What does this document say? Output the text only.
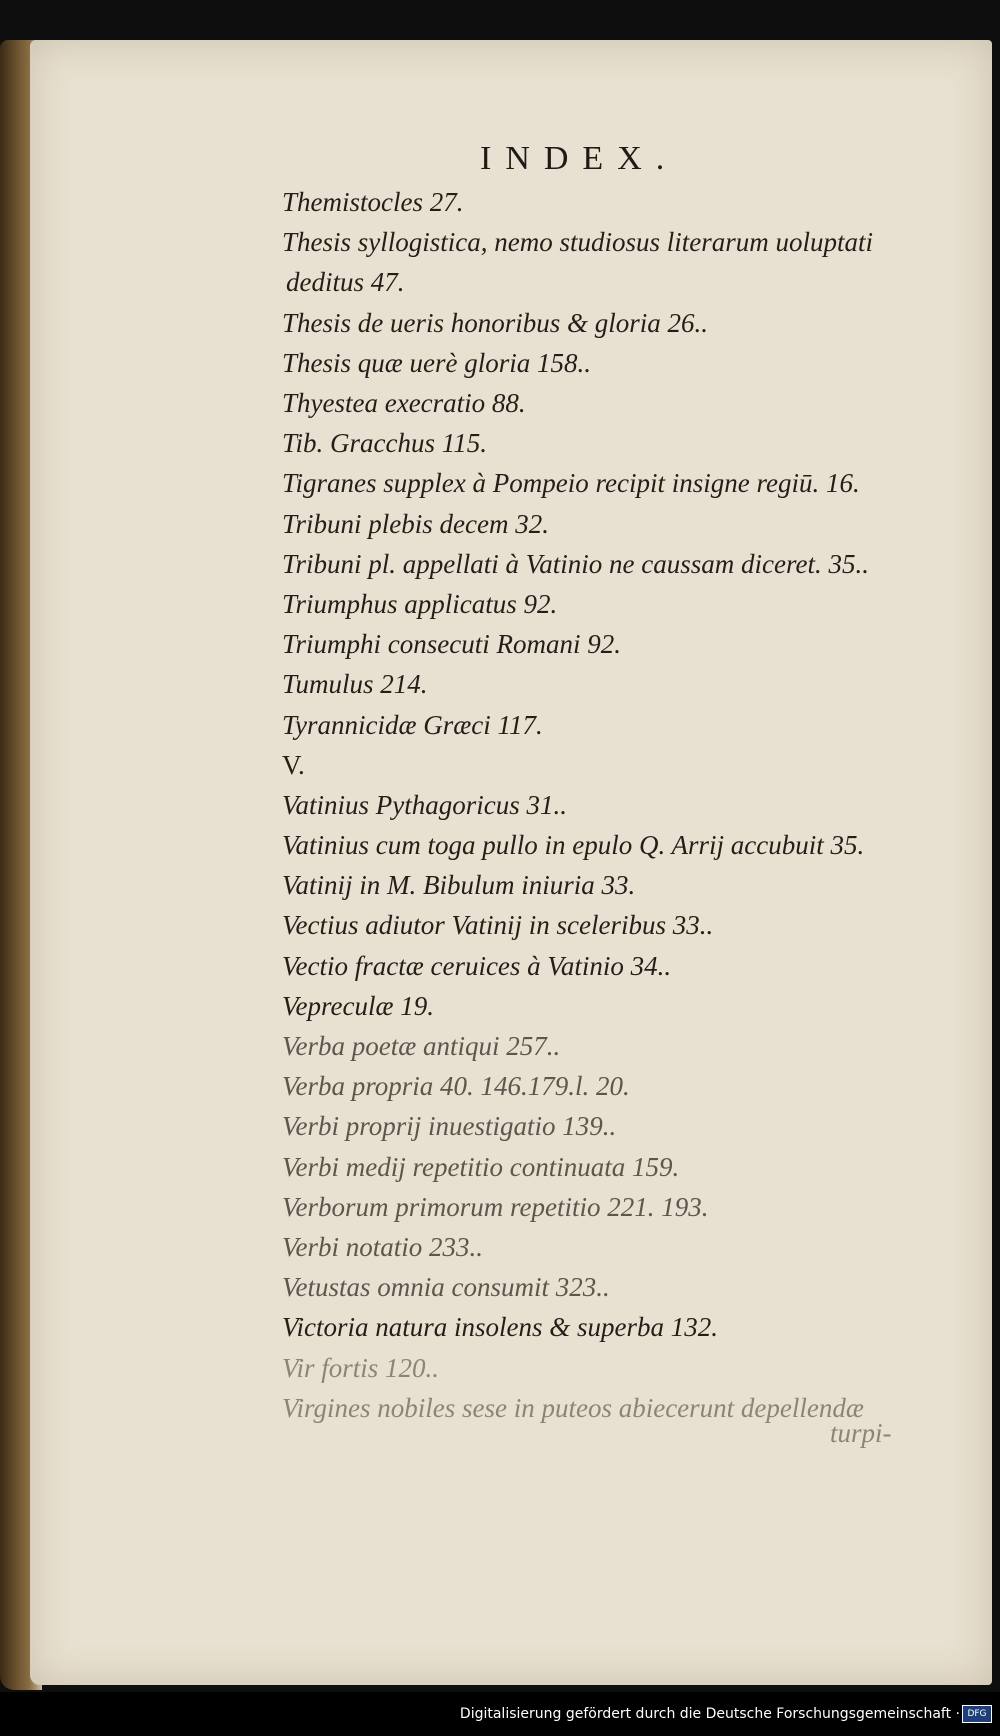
INDEX.
Themistocles 27.
Thesis syllogistica, nemo studiosus literarum uoluptati
deditus 47.
Thesis de ueris honoribus & gloria 26..
Thesis quæ uerè gloria 158..
Thyestea execratio 88.
Tib. Gracchus 115.
Tigranes supplex à Pompeio recipit insigne regiū. 16.
Tribuni plebis decem 32.
Tribuni pl. appellati à Vatinio ne caussam diceret. 35..
Triumphus applicatus 92.
Triumphi consecuti Romani 92.
Tumulus 214.
Tyrannicidæ Græci 117.
V.
Vatinius Pythagoricus 31..
Vatinius cum toga pullo in epulo Q. Arrij accubuit 35.
Vatinij in M. Bibulum iniuria 33.
Vectius adiutor Vatinij in sceleribus 33..
Vectio fractæ ceruices à Vatinio 34..
Vepreculæ 19.
Verba poetæ antiqui 257..
Verba propria 40. 146.179.l. 20.
Verbi proprij inuestigatio 139..
Verbi medij repetitio continuata 159.
Verborum primorum repetitio 221. 193.
Verbi notatio 233..
Vetustas omnia consumit 323..
Victoria natura insolens & superba 132.
Vir fortis 120..
Virgines nobiles sese in puteos abiecerunt depellendæ
turpi-
Digitalisierung gefördert durch die Deutsche Forschungsgemeinschaft · DFG
